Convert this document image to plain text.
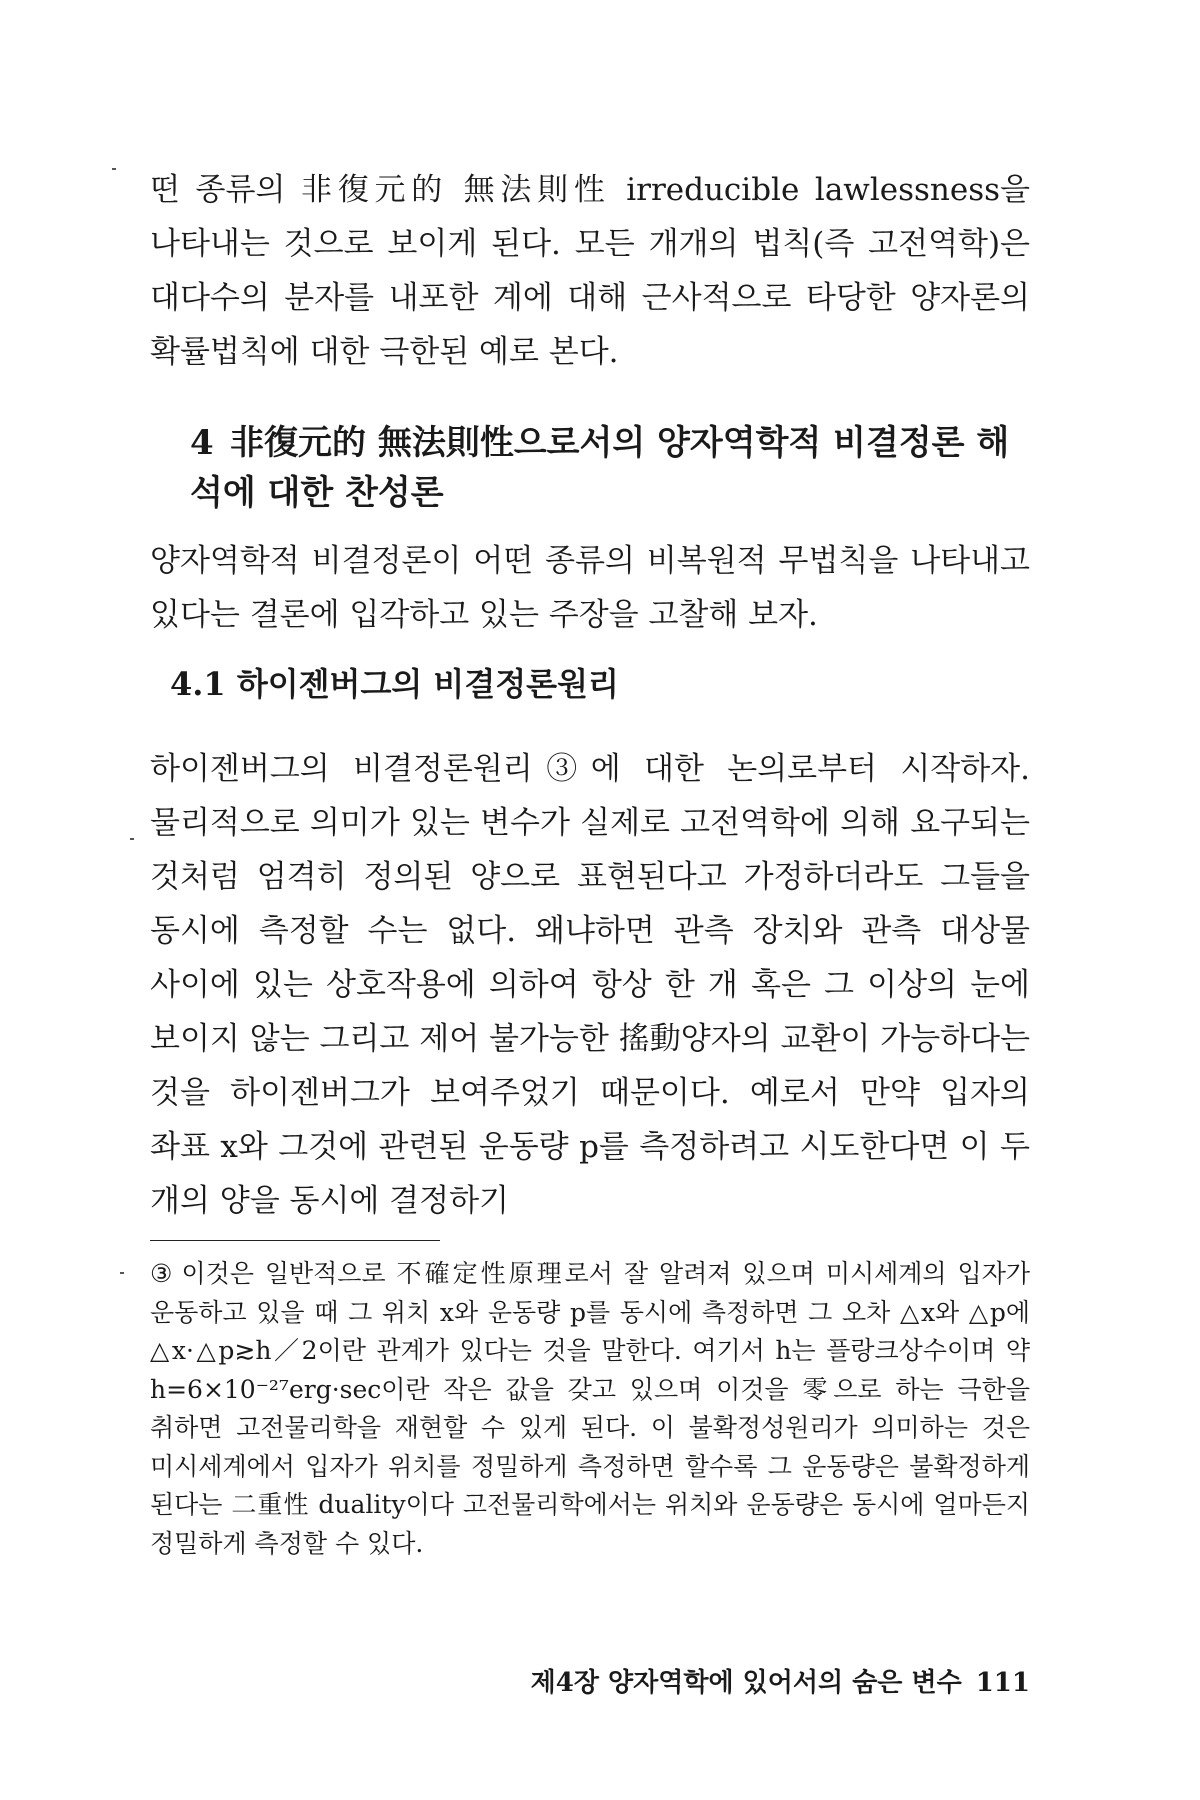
떤 종류의 非復元的 無法則性 irreducible lawlessness을 나타내는 것으로 보이게 된다. 모든 개개의 법칙(즉 고전역학)은 대다수의 분자를 내포한 계에 대해 근사적으로 타당한 양자론의 확률법칙에 대한 극한된 예로 본다.

4 非復元的 無法則性으로서의 양자역학적 비결정론 해석에 대한 찬성론

양자역학적 비결정론이 어떤 종류의 비복원적 무법칙을 나타내고 있다는 결론에 입각하고 있는 주장을 고찰해 보자.

4.1 하이젠버그의 비결정론원리

하이젠버그의 비결정론원리③에 대한 논의로부터 시작하자. 물리적으로 의미가 있는 변수가 실제로 고전역학에 의해 요구되는 것처럼 엄격히 정의된 양으로 표현된다고 가정하더라도 그들을 동시에 측정할 수는 없다. 왜냐하면 관측 장치와 관측 대상물 사이에 있는 상호작용에 의하여 항상 한 개 혹은 그 이상의 눈에 보이지 않는 그리고 제어 불가능한 搖動양자의 교환이 가능하다는 것을 하이젠버그가 보여주었기 때문이다. 예로서 만약 입자의 좌표 x와 그것에 관련된 운동량 p를 측정하려고 시도한다면 이 두 개의 양을 동시에 결정하기

③ 이것은 일반적으로 不確定性原理로서 잘 알려져 있으며 미시세계의 입자가 운동하고 있을 때 그 위치 x와 운동량 p를 동시에 측정하면 그 오차 △x와 △p에 △x·△p≳h／2이란 관계가 있다는 것을 말한다. 여기서 h는 플랑크상수이며 약 h=6×10⁻²⁷erg·sec이란 작은 값을 갖고 있으며 이것을 零으로 하는 극한을 취하면 고전물리학을 재현할 수 있게 된다. 이 불확정성원리가 의미하는 것은 미시세계에서 입자가 위치를 정밀하게 측정하면 할수록 그 운동량은 불확정하게 된다는 二重性 duality이다 고전물리학에서는 위치와 운동량은 동시에 얼마든지 정밀하게 측정할 수 있다.

제4장 양자역학에 있어서의 숨은 변수 111
